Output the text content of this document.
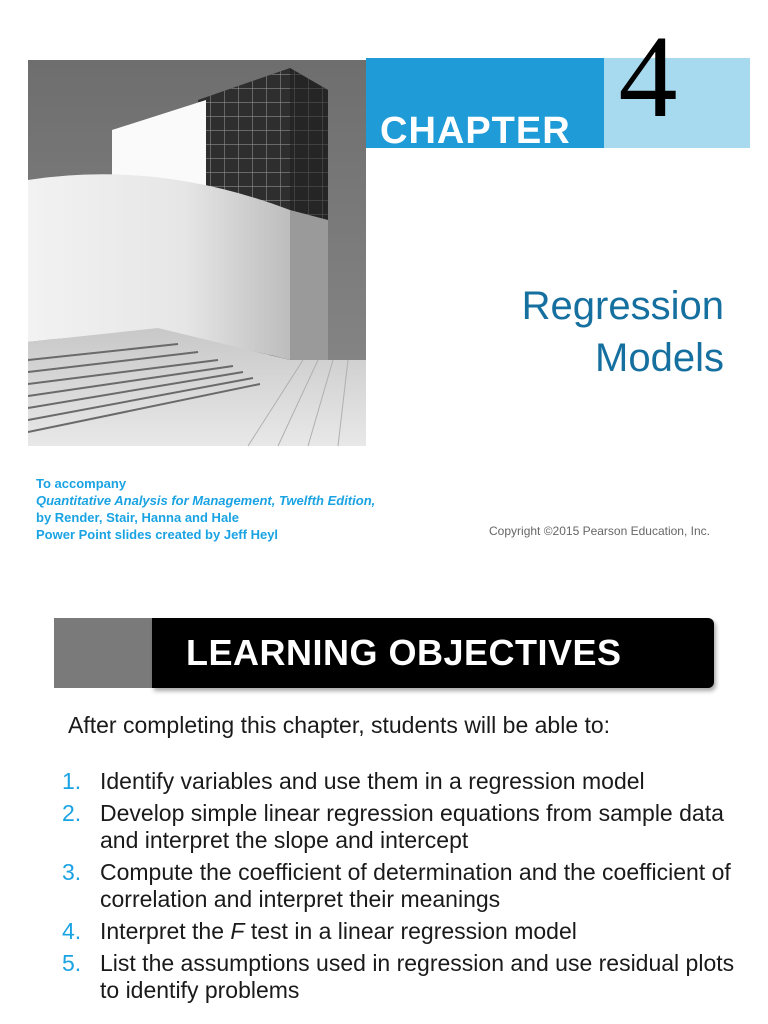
CHAPTER 4
Regression
Models
To accompany
Quantitative Analysis for Management, Twelfth Edition,
by Render, Stair, Hanna and Hale
Power Point slides created by Jeff Heyl	Copyright ©2015 Pearson Education, Inc.
LEARNING OBJECTIVES
After completing this chapter, students will be able to:
1. Identify variables and use them in a regression model
2. Develop simple linear regression equations from sample data and interpret the slope and intercept
3. Compute the coefficient of determination and the coefficient of correlation and interpret their meanings
4. Interpret the F test in a linear regression model
5. List the assumptions used in regression and use residual plots to identify problems
